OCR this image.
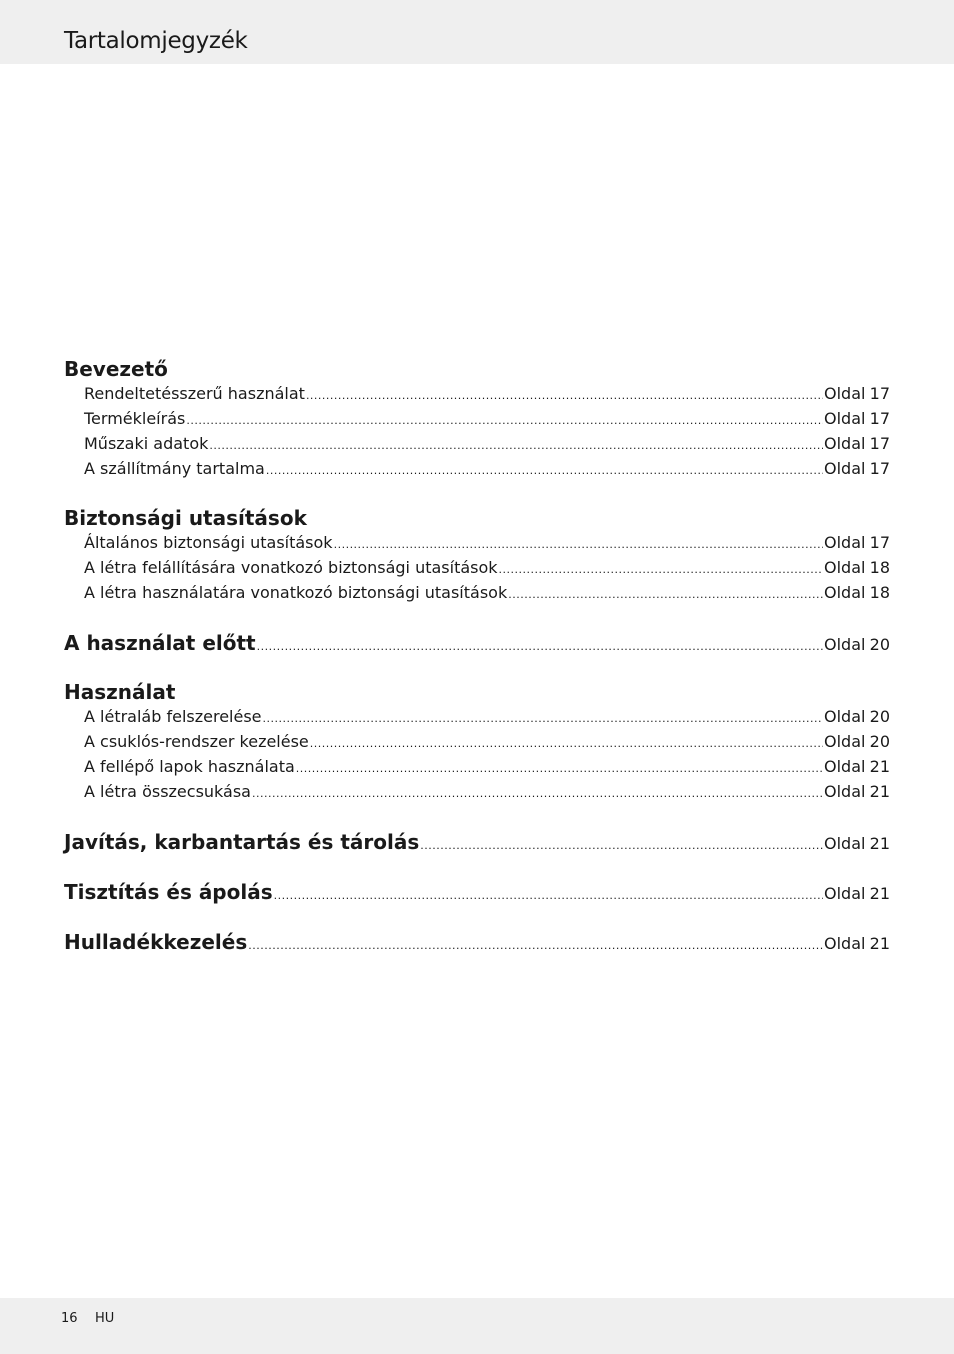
Tartalomjegyzék
Bevezető
Rendeltetésszerű használat .....	Oldal 17
Termékleírás .....	Oldal 17
Műszaki adatok .....	Oldal 17
A szállítmány tartalma .....	Oldal 17
Biztonsági utasítások
Általános biztonsági utasítások .....	Oldal 17
A létra felállítására vonatkozó biztonsági utasítások .....	Oldal 18
A létra használatára vonatkozó biztonsági utasítások .....	Oldal 18
A használat előtt .....	Oldal 20
Használat
A létraláb felszerelése .....	Oldal 20
A csuklós-rendszer kezelése .....	Oldal 20
A fellépő lapok használata .....	Oldal 21
A létra összecsukása .....	Oldal 21
Javítás, karbantartás és tárolás .....	Oldal 21
Tisztítás és ápolás .....	Oldal 21
Hulladékkezelés .....	Oldal 21
16 HU
